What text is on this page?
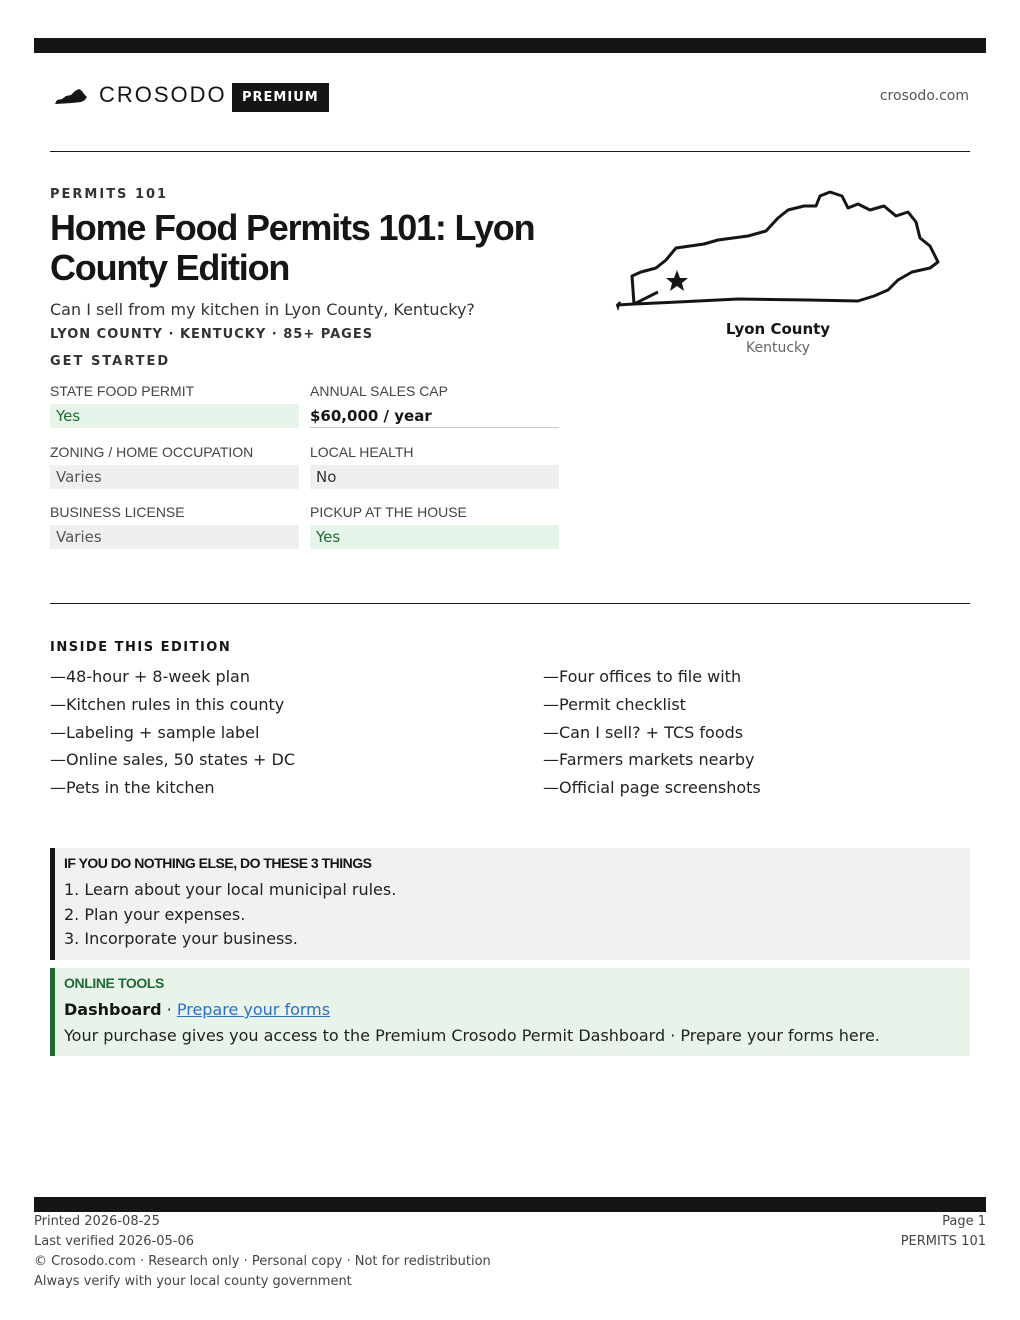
CROSODO	PREMIUM	crosodo.com
PERMITS 101
Home Food Permits 101: Lyon County Edition
Can I sell from my kitchen in Lyon County, Kentucky?
LYON COUNTY · KENTUCKY · 85+ PAGES
GET STARTED
STATE FOOD PERMIT
Yes
ANNUAL SALES CAP
$60,000 / year
ZONING / HOME OCCUPATION
Varies
LOCAL HEALTH
No
BUSINESS LICENSE
Varies
PICKUP AT THE HOUSE
Yes
Lyon County
Kentucky
INSIDE THIS EDITION
—48-hour + 8-week plan
—Kitchen rules in this county
—Labeling + sample label
—Online sales, 50 states + DC
—Pets in the kitchen
—Four offices to file with
—Permit checklist
—Can I sell? + TCS foods
—Farmers markets nearby
—Official page screenshots
IF YOU DO NOTHING ELSE, DO THESE 3 THINGS
1. Learn about your local municipal rules.
2. Plan your expenses.
3. Incorporate your business.
ONLINE TOOLS
Dashboard · Prepare your forms
Your purchase gives you access to the Premium Crosodo Permit Dashboard · Prepare your forms here.
Printed 2026-08-25
Last verified 2026-05-06
© Crosodo.com · Research only · Personal copy · Not for redistribution
Always verify with your local county government
Page 1
PERMITS 101
